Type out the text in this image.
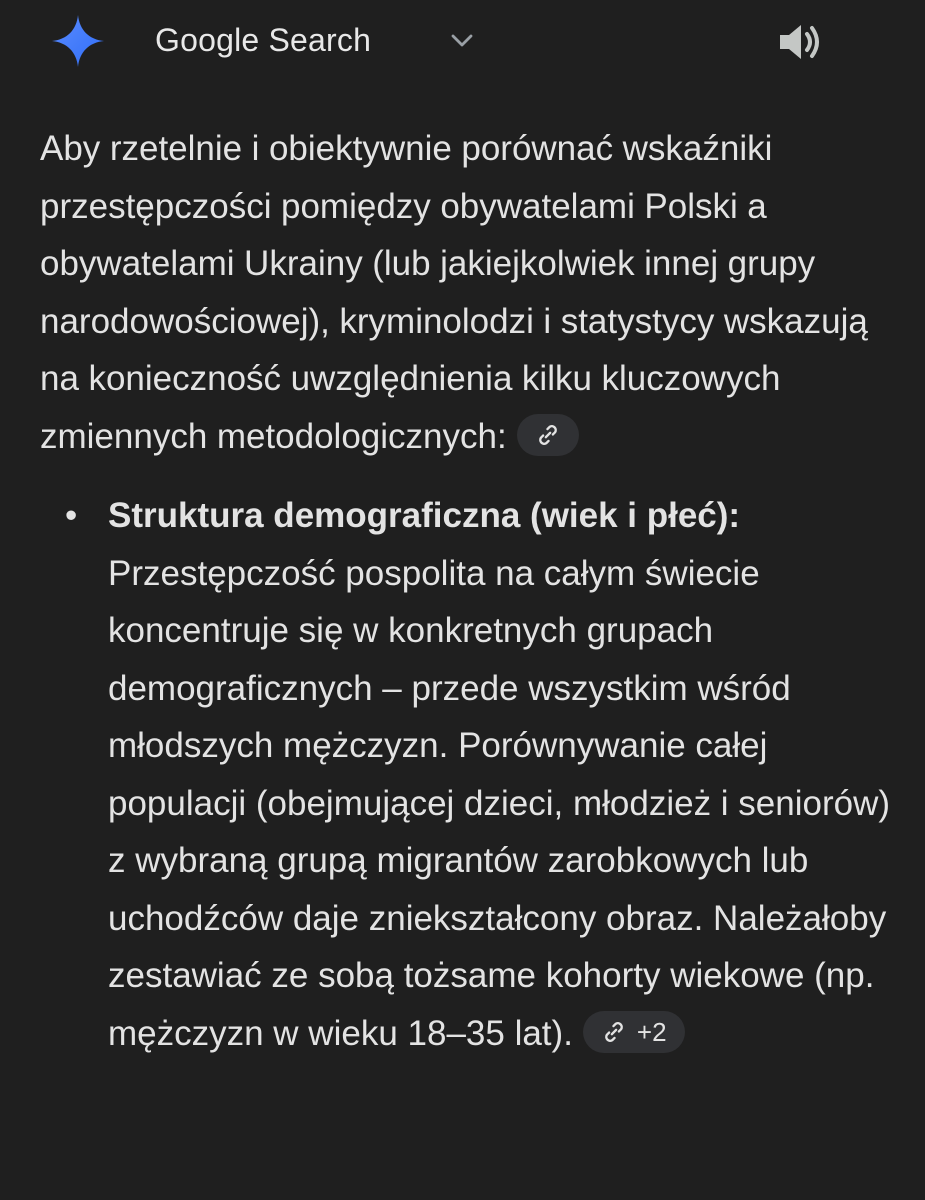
Google Search

Aby rzetelnie i obiektywnie porównać wskaźniki przestępczości pomiędzy obywatelami Polski a obywatelami Ukrainy (lub jakiejkolwiek innej grupy narodowościowej), kryminolodzi i statystycy wskazują na konieczność uwzględnienia kilku kluczowych zmiennych metodologicznych:

• Struktura demograficzna (wiek i płeć): Przestępczość pospolita na całym świecie koncentruje się w konkretnych grupach demograficznych – przede wszystkim wśród młodszych mężczyzn. Porównywanie całej populacji (obejmującej dzieci, młodzież i seniorów) z wybraną grupą migrantów zarobkowych lub uchodźców daje zniekształcony obraz. Należałoby zestawiać ze sobą tożsame kohorty wiekowe (np. mężczyzn w wieku 18–35 lat). +2
